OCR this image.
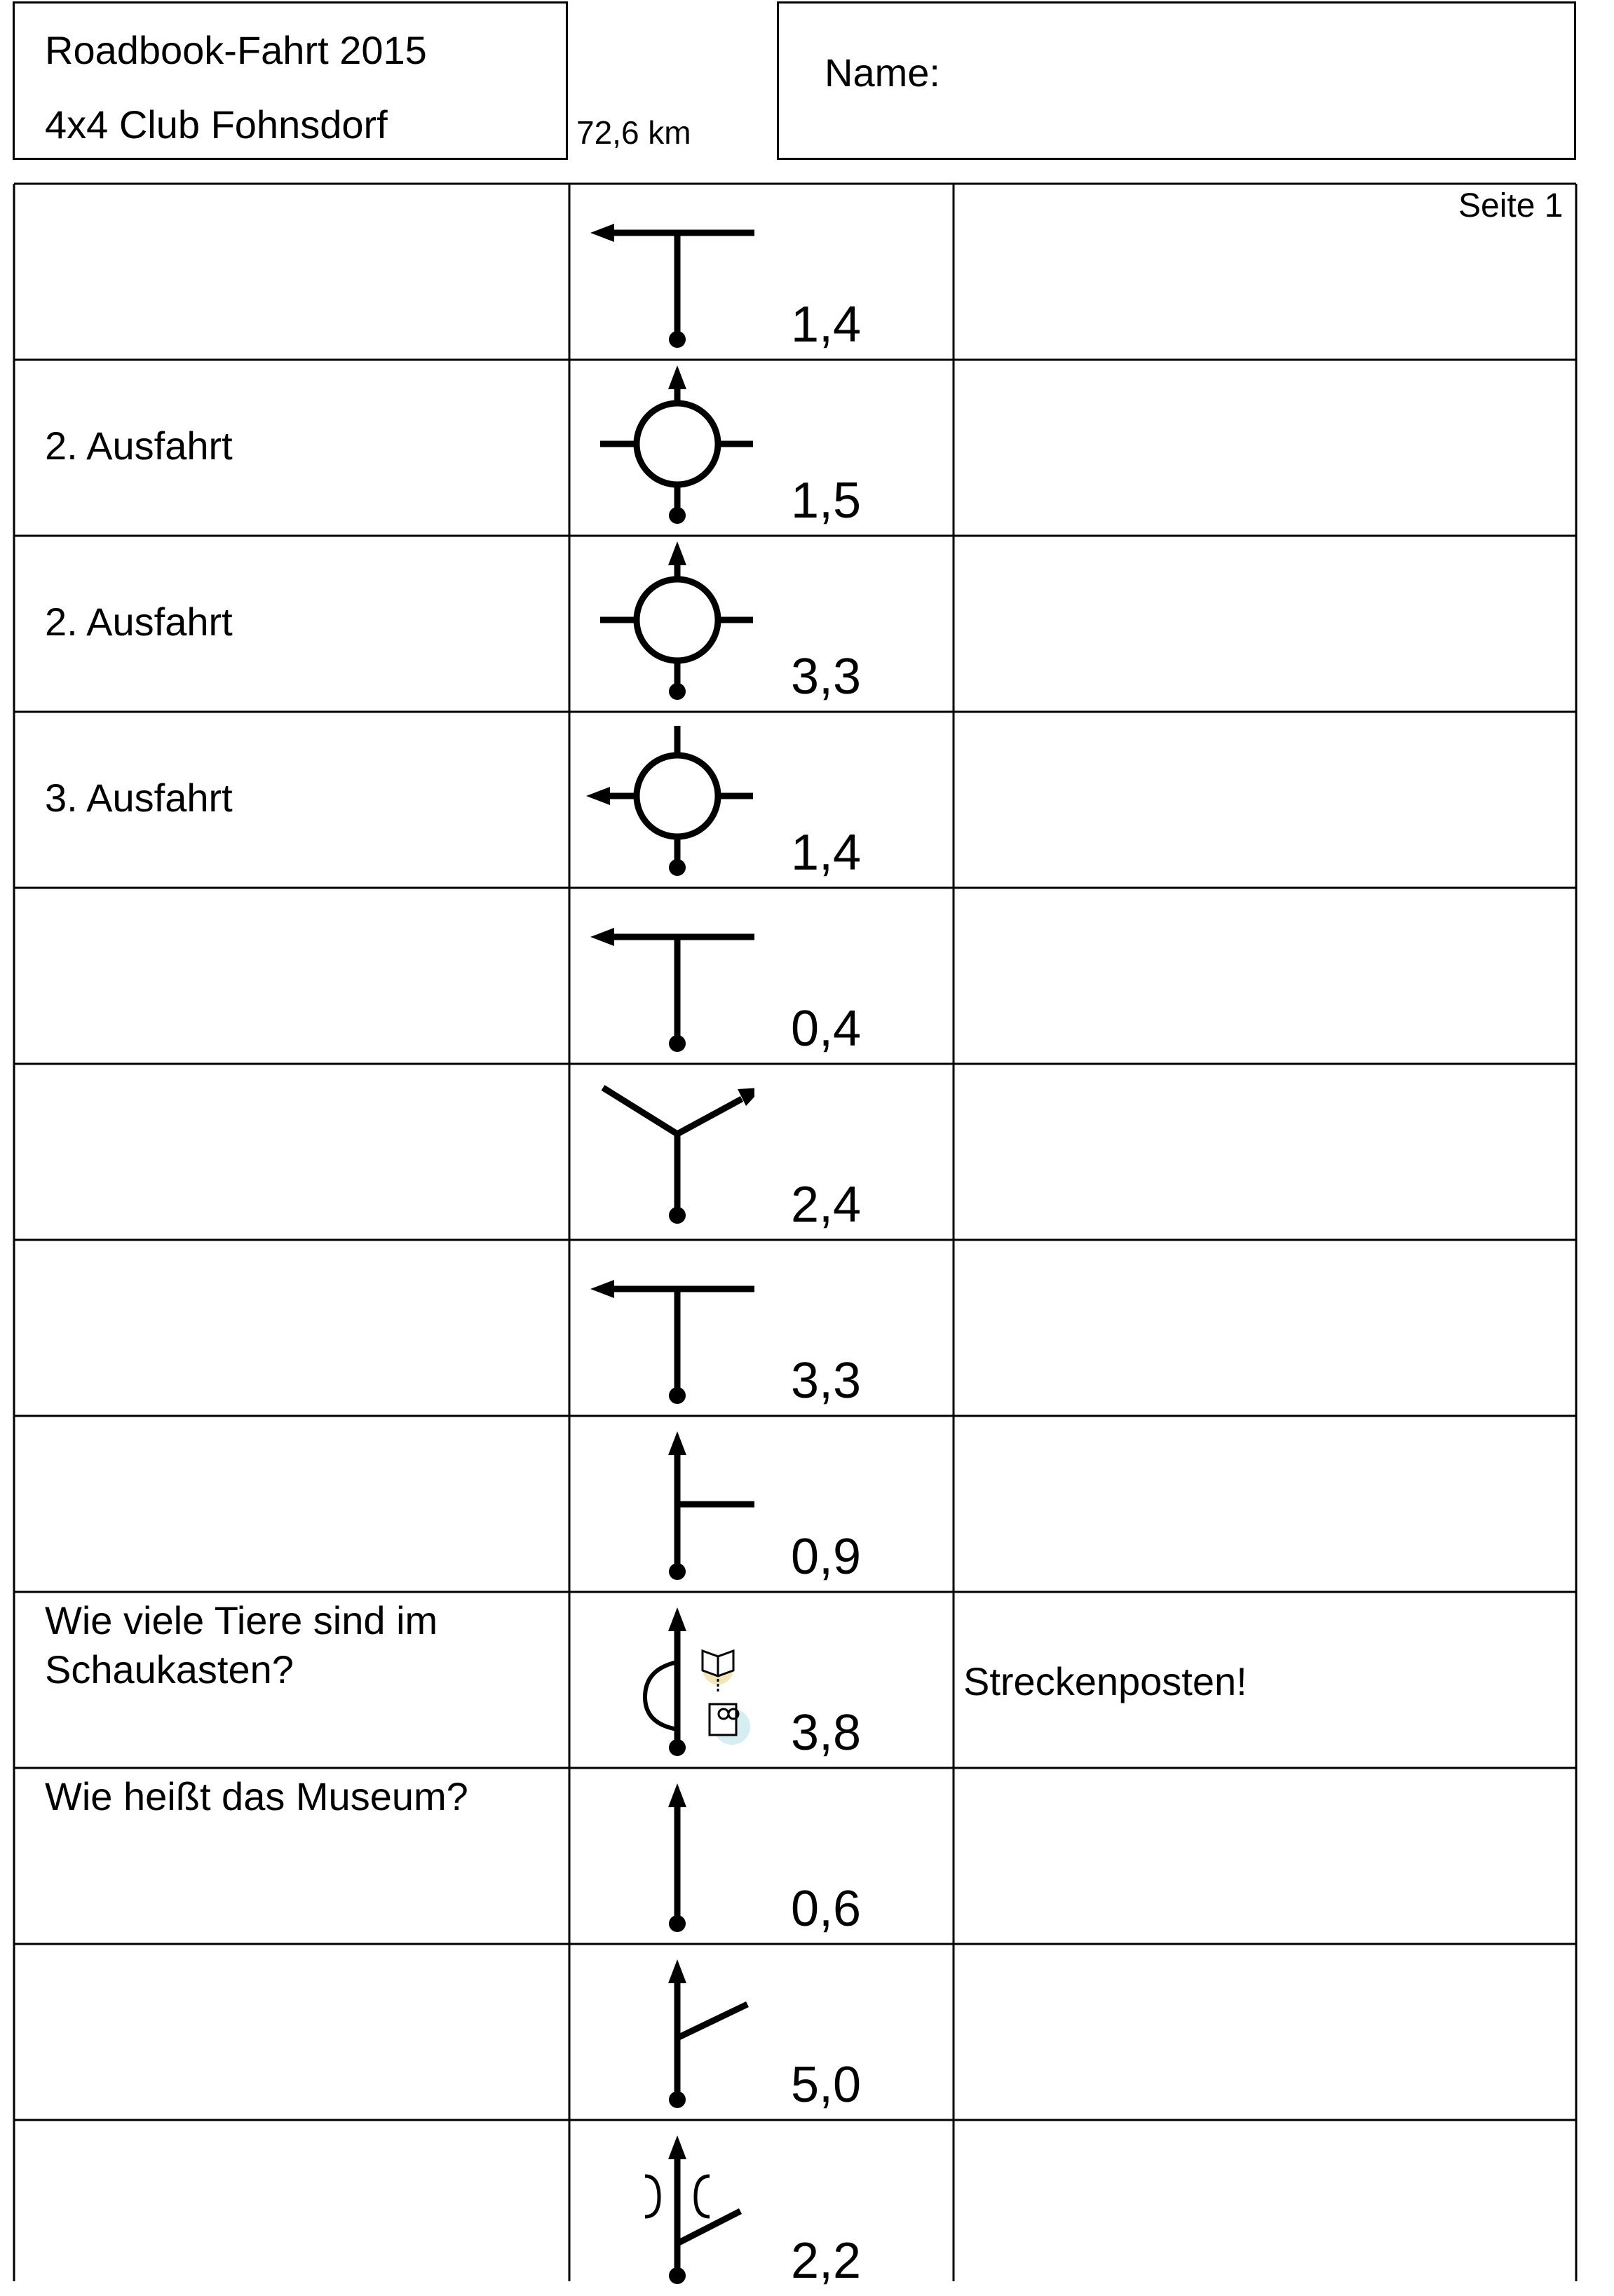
Roadbook-Fahrt 2015
4x4 Club Fohnsdorf	72,6 km
Name:
Seite 1
1,4
2. Ausfahrt
1,5
2. Ausfahrt
3,3
3. Ausfahrt
1,4
0,4
2,4
3,3
0,9
Wie viele Tiere sind im Schaukasten?
3,8
Streckenposten!
Wie heißt das Museum?
0,6
5,0
2,2
